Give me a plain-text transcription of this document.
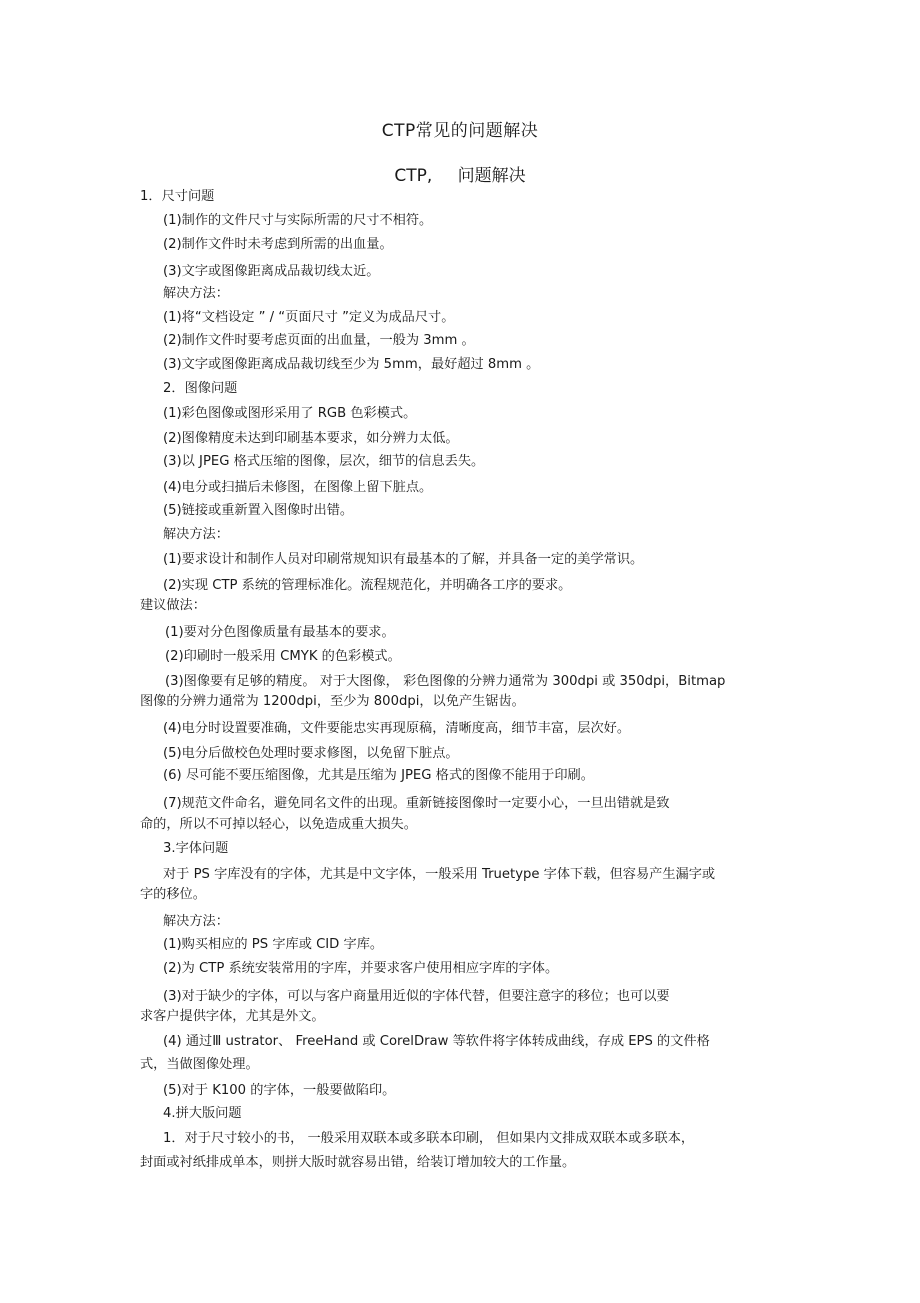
CTP常见的问题解决
CTP, 问题解决
1．尺寸问题
(1)制作的文件尺寸与实际所需的尺寸不相符。
(2)制作文件时未考虑到所需的出血量。
(3)文字或图像距离成品裁切线太近。
解决方法：
(1)将“文档设定 ” / “页面尺寸 ”定义为成品尺寸。
(2)制作文件时要考虑页面的出血量，一般为 3mm 。
(3)文字或图像距离成品裁切线至少为 5mm，最好超过 8mm 。
2．图像问题
(1)彩色图像或图形采用了 RGB 色彩模式。
(2)图像精度未达到印刷基本要求，如分辨力太低。
(3)以 JPEG 格式压缩的图像，层次，细节的信息丢失。
(4)电分或扫描后未修图，在图像上留下脏点。
(5)链接或重新置入图像时出错。
解决方法：
(1)要求设计和制作人员对印刷常规知识有最基本的了解，并具备一定的美学常识。
(2)实现 CTP 系统的管理标准化。流程规范化，并明确各工序的要求。
建议做法：
(1)要对分色图像质量有最基本的要求。
(2)印刷时一般采用 CMYK 的色彩模式。
(3)图像要有足够的精度。 对于大图像， 彩色图像的分辨力通常为 300dpi 或 350dpi，Bitmap
图像的分辨力通常为 1200dpi，至少为 800dpi，以免产生锯齿。
(4)电分时设置要准确，文件要能忠实再现原稿，清晰度高，细节丰富，层次好。
(5)电分后做校色处理时要求修图，以免留下脏点。
(6) 尽可能不要压缩图像，尤其是压缩为 JPEG 格式的图像不能用于印刷。
(7)规范文件命名，避免同名文件的出现。重新链接图像时一定要小心，一旦出错就是致
命的，所以不可掉以轻心，以免造成重大损失。
3.字体问题
对于 PS 字库没有的字体，尤其是中文字体，一般采用 Truetype 字体下载，但容易产生漏字或
字的移位。
解决方法：
(1)购买相应的 PS 字库或 CID 字库。
(2)为 CTP 系统安装常用的字库，并要求客户使用相应字库的字体。
(3)对于缺少的字体，可以与客户商量用近似的字体代替，但要注意字的移位；也可以要
求客户提供字体，尤其是外文。
(4) 通过Ⅲ ustrator、 FreeHand 或 CorelDraw 等软件将字体转成曲线，存成 EPS 的文件格
式，当做图像处理。
(5)对于 K100 的字体，一般要做陷印。
4.拼大版问题
1．对于尺寸较小的书， 一般采用双联本或多联本印刷， 但如果内文排成双联本或多联本，
封面或衬纸排成单本，则拼大版时就容易出错，给装订增加较大的工作量。
